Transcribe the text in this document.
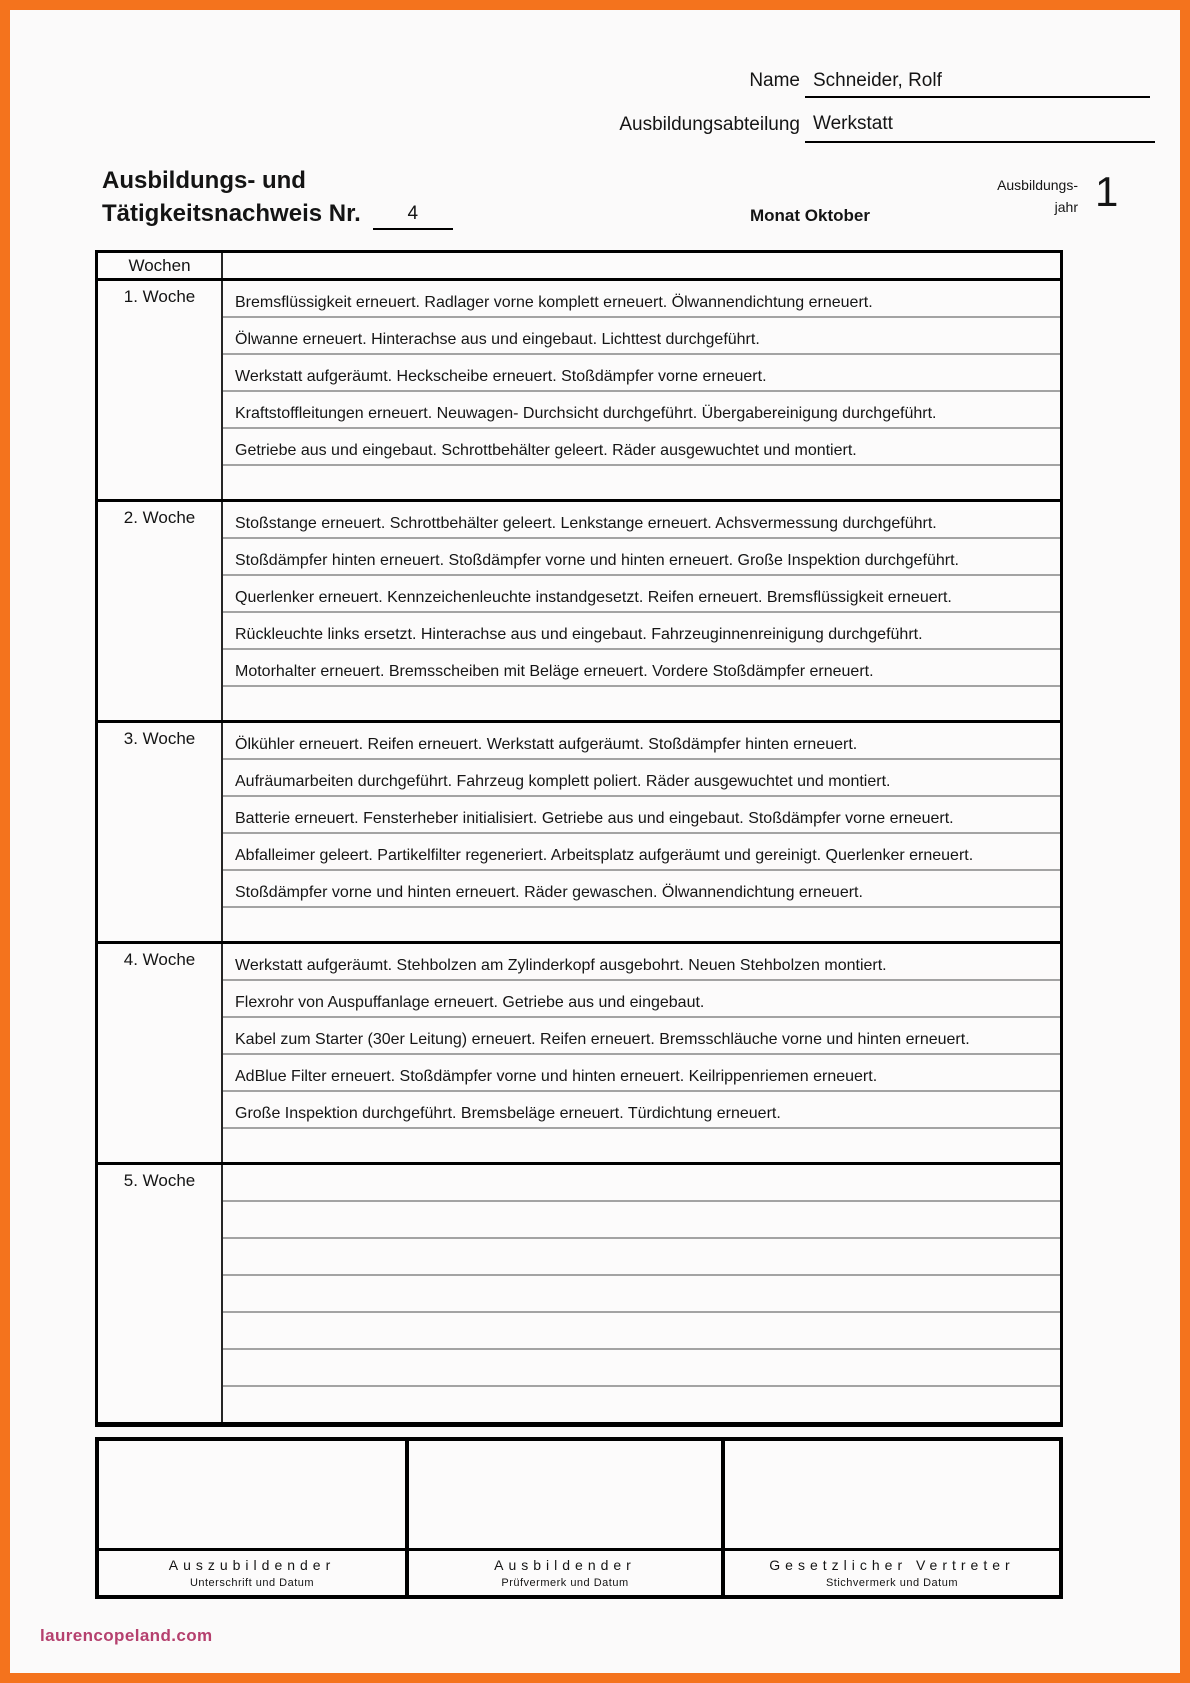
Name Schneider, Rolf
Ausbildungsabteilung Werkstatt
Ausbildungs- und
Tätigkeitsnachweis Nr.	4	Monat Oktober
Ausbildungs-
jahr 1
Wochen
1. Woche	Bremsflüssigkeit erneuert. Radlager vorne komplett erneuert. Ölwannendichtung erneuert.
Ölwanne erneuert. Hinterachse aus und eingebaut. Lichttest durchgeführt.
Werkstatt aufgeräumt. Heckscheibe erneuert. Stoßdämpfer vorne erneuert.
Kraftstoffleitungen erneuert. Neuwagen- Durchsicht durchgeführt. Übergabereinigung durchgeführt.
Getriebe aus und eingebaut. Schrottbehälter geleert. Räder ausgewuchtet und montiert.
2. Woche	Stoßstange erneuert. Schrottbehälter geleert. Lenkstange erneuert. Achsvermessung durchgeführt.
Stoßdämpfer hinten erneuert. Stoßdämpfer vorne und hinten erneuert. Große Inspektion durchgeführt.
Querlenker erneuert. Kennzeichenleuchte instandgesetzt. Reifen erneuert. Bremsflüssigkeit erneuert.
Rückleuchte links ersetzt. Hinterachse aus und eingebaut. Fahrzeuginnenreinigung durchgeführt.
Motorhalter erneuert. Bremsscheiben mit Beläge erneuert. Vordere Stoßdämpfer erneuert.
3. Woche	Ölkühler erneuert. Reifen erneuert. Werkstatt aufgeräumt. Stoßdämpfer hinten erneuert.
Aufräumarbeiten durchgeführt. Fahrzeug komplett poliert. Räder ausgewuchtet und montiert.
Batterie erneuert. Fensterheber initialisiert. Getriebe aus und eingebaut. Stoßdämpfer vorne erneuert.
Abfalleimer geleert. Partikelfilter regeneriert. Arbeitsplatz aufgeräumt und gereinigt. Querlenker erneuert.
Stoßdämpfer vorne und hinten erneuert. Räder gewaschen. Ölwannendichtung erneuert.
4. Woche	Werkstatt aufgeräumt. Stehbolzen am Zylinderkopf ausgebohrt. Neuen Stehbolzen montiert.
Flexrohr von Auspuffanlage erneuert. Getriebe aus und eingebaut.
Kabel zum Starter (30er Leitung) erneuert. Reifen erneuert. Bremsschläuche vorne und hinten erneuert.
AdBlue Filter erneuert. Stoßdämpfer vorne und hinten erneuert. Keilrippenriemen erneuert.
Große Inspektion durchgeführt. Bremsbeläge erneuert. Türdichtung erneuert.
5. Woche
Auszubildender
Unterschrift und Datum
Ausbildender
Prüfvermerk und Datum
Gesetzlicher Vertreter
Stichvermerk und Datum
laurencopeland.com
